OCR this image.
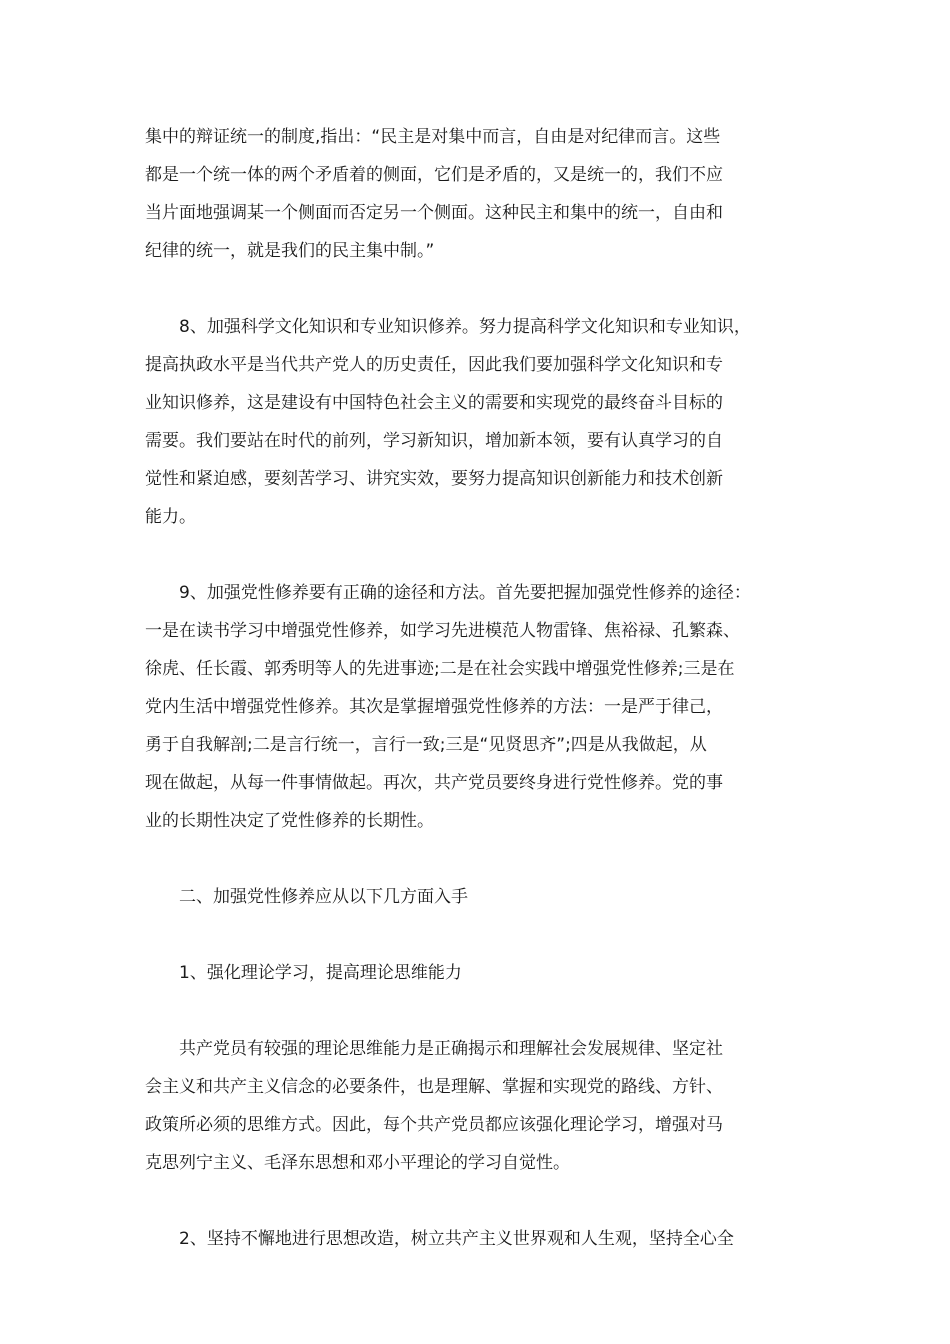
集中的辩证统一的制度,指出：“民主是对集中而言，自由是对纪律而言。这些
都是一个统一体的两个矛盾着的侧面，它们是矛盾的，又是统一的，我们不应
当片面地强调某一个侧面而否定另一个侧面。这种民主和集中的统一，自由和
纪律的统一，就是我们的民主集中制。”
8、加强科学文化知识和专业知识修养。努力提高科学文化知识和专业知识，
提高执政水平是当代共产党人的历史责任，因此我们要加强科学文化知识和专
业知识修养，这是建设有中国特色社会主义的需要和实现党的最终奋斗目标的
需要。我们要站在时代的前列，学习新知识，增加新本领，要有认真学习的自
觉性和紧迫感，要刻苦学习、讲究实效，要努力提高知识创新能力和技术创新
能力。
9、加强党性修养要有正确的途径和方法。首先要把握加强党性修养的途径：
一是在读书学习中增强党性修养，如学习先进模范人物雷锋、焦裕禄、孔繁森、
徐虎、任长霞、郭秀明等人的先进事迹;二是在社会实践中增强党性修养;三是在
党内生活中增强党性修养。其次是掌握增强党性修养的方法：一是严于律己，
勇于自我解剖;二是言行统一，言行一致;三是“见贤思齐”;四是从我做起，从
现在做起，从每一件事情做起。再次，共产党员要终身进行党性修养。党的事
业的长期性决定了党性修养的长期性。
二、加强党性修养应从以下几方面入手
1、强化理论学习，提高理论思维能力
共产党员有较强的理论思维能力是正确揭示和理解社会发展规律、坚定社
会主义和共产主义信念的必要条件，也是理解、掌握和实现党的路线、方针、
政策所必须的思维方式。因此，每个共产党员都应该强化理论学习，增强对马
克思列宁主义、毛泽东思想和邓小平理论的学习自觉性。
2、坚持不懈地进行思想改造，树立共产主义世界观和人生观，坚持全心全
